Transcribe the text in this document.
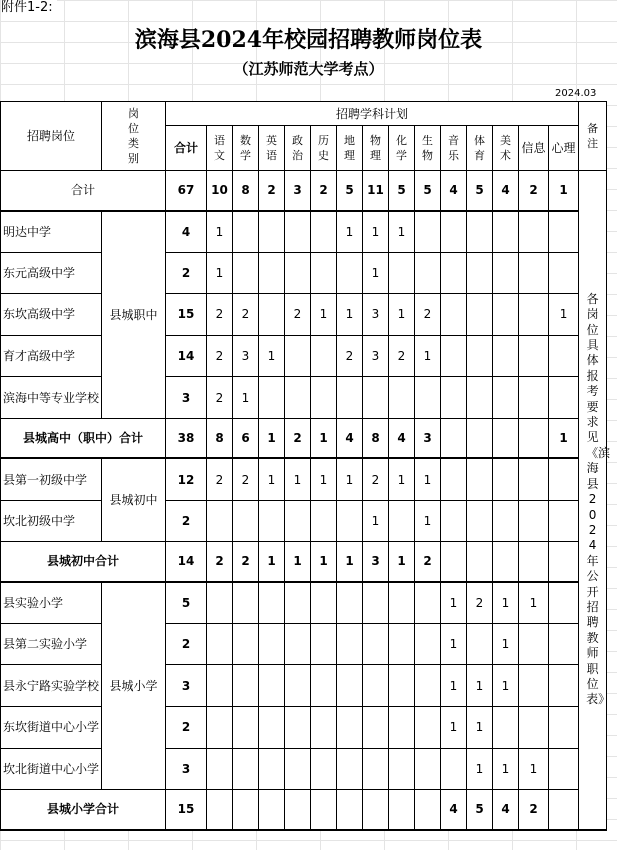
附件1-2:
滨海县2024年校园招聘教师岗位表
（江苏师范大学考点）
2024.03
招聘岗位	岗位类别	招聘学科计划															备注
		合计	语文	数学	英语	政治	历史	地理	物理	化学	生物	音乐	体育	美术	信息	心理	
合计		67	10	8	2	3	2	5	11	5	5	4	5	4	2	1	各岗位具体报考要求见《滨海县2024年公开招聘教师职位表》
明达中学	县城职中	4	1					1	1	1							
东元高级中学		2	1						1								
东坎高级中学		15	2	2		2	1	1	3	1	2					1	
育才高级中学		14	2	3	1			2	3	2	1						
滨海中等专业学校		3	2	1													
县城高中（职中）合计		38	8	6	1	2	1	4	8	4	3					1	
县第一初级中学	县城初中	12	2	2	1	1	1	1	2	1	1						
坎北初级中学		2							1		1						
县城初中合计		14	2	2	1	1	1	1	3	1	2						
县实验小学	县城小学	5										1	2	1	1		
县第二实验小学		2										1		1			
县永宁路实验学校		3										1	1	1			
东坎街道中心小学		2										1	1				
坎北街道中心小学		3											1	1	1		
县城小学合计		15										4	5	4	2		
